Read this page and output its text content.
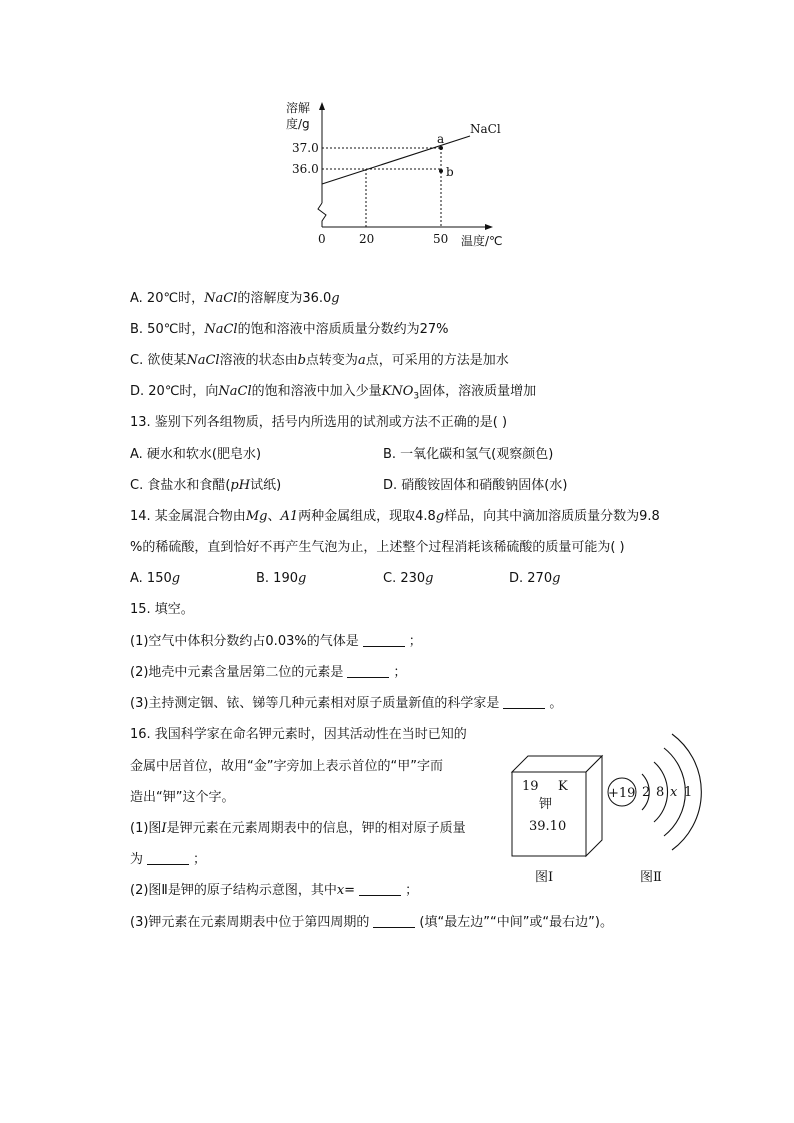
溶解
度/g
37.0
36.0
0	20	50 温度/℃
NaCl
a
b
A. 20℃时，NaCl的溶解度为36.0g
B. 50℃时，NaCl的饱和溶液中溶质质量分数约为27%
C. 欲使某NaCl溶液的状态由b点转变为a点，可采用的方法是加水
D. 20℃时，向NaCl的饱和溶液中加入少量$KNO_3$固体，溶液质量增加
13. 鉴别下列各组物质，括号内所选用的试剂或方法不正确的是( )
A. 硬水和软水(肥皂水)	B. 一氧化碳和氢气(观察颜色)
C. 食盐水和食醋(pH试纸)	D. 硝酸铵固体和硝酸钠固体(水)
14. 某金属混合物由Mg、A1两种金属组成，现取4.8g样品，向其中滴加溶质质量分数为9.8
%的稀硫酸，直到恰好不再产生气泡为止，上述整个过程消耗该稀硫酸的质量可能为( )
A. 150g	B. 190g	C. 230g	D. 270g
15. 填空。
(1)空气中体积分数约占0.03%的气体是	；
(2)地壳中元素含量居第二位的元素是	；
(3)主持测定铟、铱、锑等几种元素相对原子质量新值的科学家是	。
16. 我国科学家在命名钾元素时，因其活动性在当时已知的
金属中居首位，故用“金”字旁加上表示首位的“甲”字而
造出“钾”这个字。
(1)图I是钾元素在元素周期表中的信息，钾的相对原子质量
为	；
(2)图Ⅱ是钾的原子结构示意图，其中x=	；
(3)钾元素在元素周期表中位于第四周期的	(填“最左边”“中间”或“最右边”)。
19 K
钾
39.10
图Ⅰ
+19 2 8 x 1
图Ⅱ
